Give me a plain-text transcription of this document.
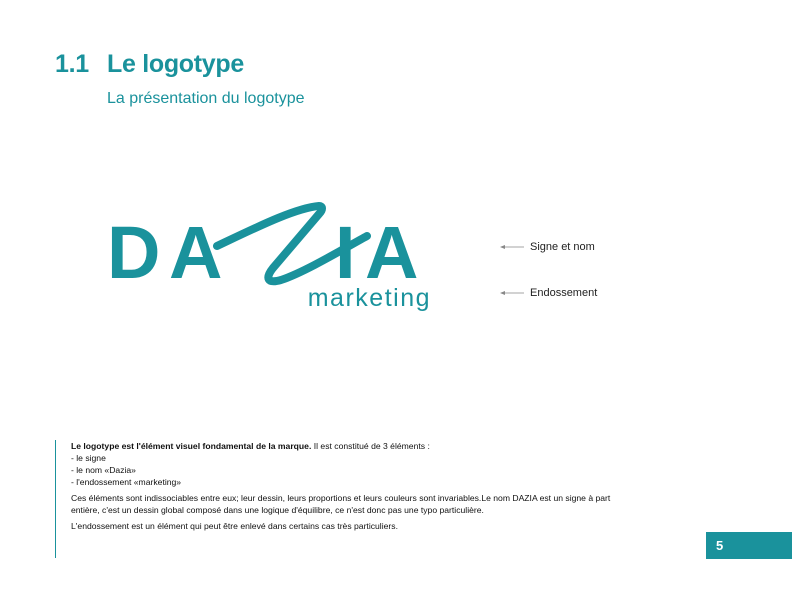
1.1 Le logotype
La présentation du logotype
D A I A
marketing
Signe et nom
Endossement

Le logotype est l'élément visuel fondamental de la marque. Il est constitué de 3 éléments :

- le signe

- le nom «Dazia»

- l'endossement «marketing»

Ces éléments sont indissociables entre eux; leur dessin, leurs proportions et leurs couleurs sont invariables.Le nom DAZIA est un signe à part entière, c'est un dessin global composé dans une logique d'équilibre, ce n'est donc pas une typo particulière.

L'endossement est un élément qui peut être enlevé dans certains cas très particuliers.

5
